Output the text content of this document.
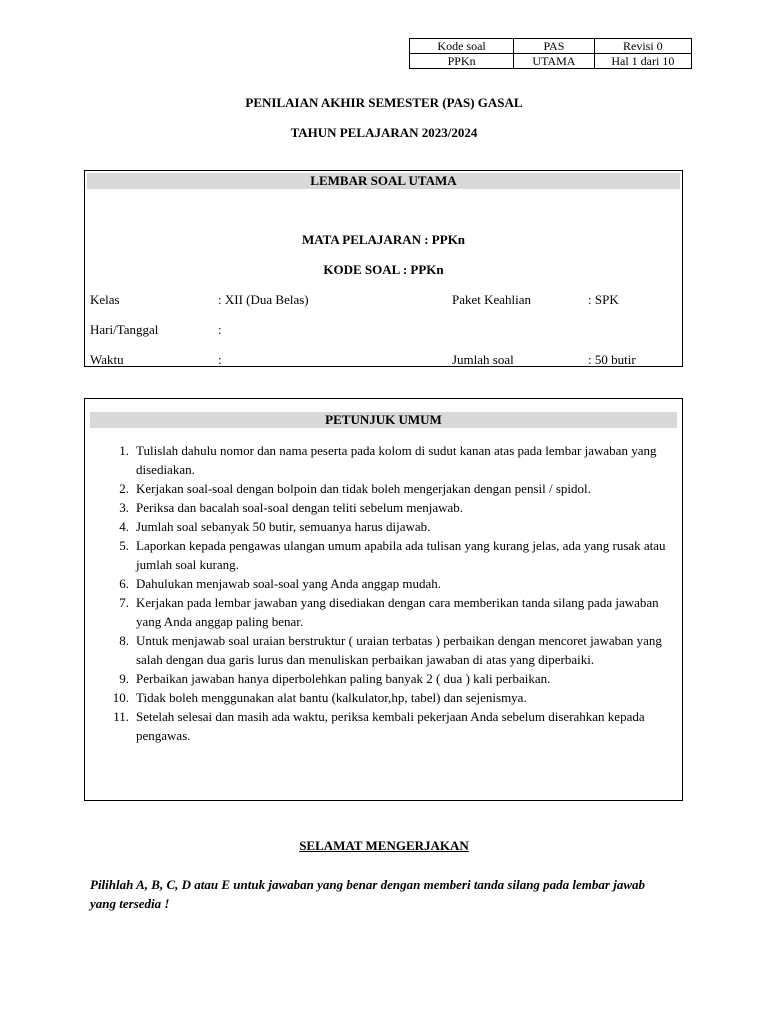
Kode soal	PAS	Revisi 0
PPKn	UTAMA	Hal 1 dari 10
PENILAIAN AKHIR SEMESTER (PAS) GASAL
TAHUN PELAJARAN 2023/2024
LEMBAR SOAL UTAMA
MATA PELAJARAN : PPKn
KODE SOAL : PPKn
Kelas	: XII (Dua Belas)	Paket Keahlian	: SPK
Hari/Tanggal	:
Waktu	:	Jumlah soal	: 50 butir
PETUNJUK UMUM
1. Tulislah dahulu nomor dan nama peserta pada kolom di sudut kanan atas pada lembar jawaban yang disediakan.
2. Kerjakan soal-soal dengan bolpoin dan tidak boleh mengerjakan dengan pensil / spidol.
3. Periksa dan bacalah soal-soal dengan teliti sebelum menjawab.
4. Jumlah soal sebanyak 50 butir, semuanya harus dijawab.
5. Laporkan kepada pengawas ulangan umum apabila ada tulisan yang kurang jelas, ada yang rusak atau jumlah soal kurang.
6. Dahulukan menjawab soal-soal yang Anda anggap mudah.
7. Kerjakan pada lembar jawaban yang disediakan dengan cara memberikan tanda silang pada jawaban yang Anda anggap paling benar.
8. Untuk menjawab soal uraian berstruktur ( uraian terbatas ) perbaikan dengan mencoret jawaban yang salah dengan dua garis lurus dan menuliskan perbaikan jawaban di atas yang diperbaiki.
9. Perbaikan jawaban hanya diperbolehkan paling banyak 2 ( dua ) kali perbaikan.
10. Tidak boleh menggunakan alat bantu (kalkulator,hp, tabel) dan sejenismya.
11. Setelah selesai dan masih ada waktu, periksa kembali pekerjaan Anda sebelum diserahkan kepada pengawas.
SELAMAT MENGERJAKAN
Pilihlah A, B, C, D atau E untuk jawaban yang benar dengan memberi tanda silang pada lembar jawab yang tersedia !
